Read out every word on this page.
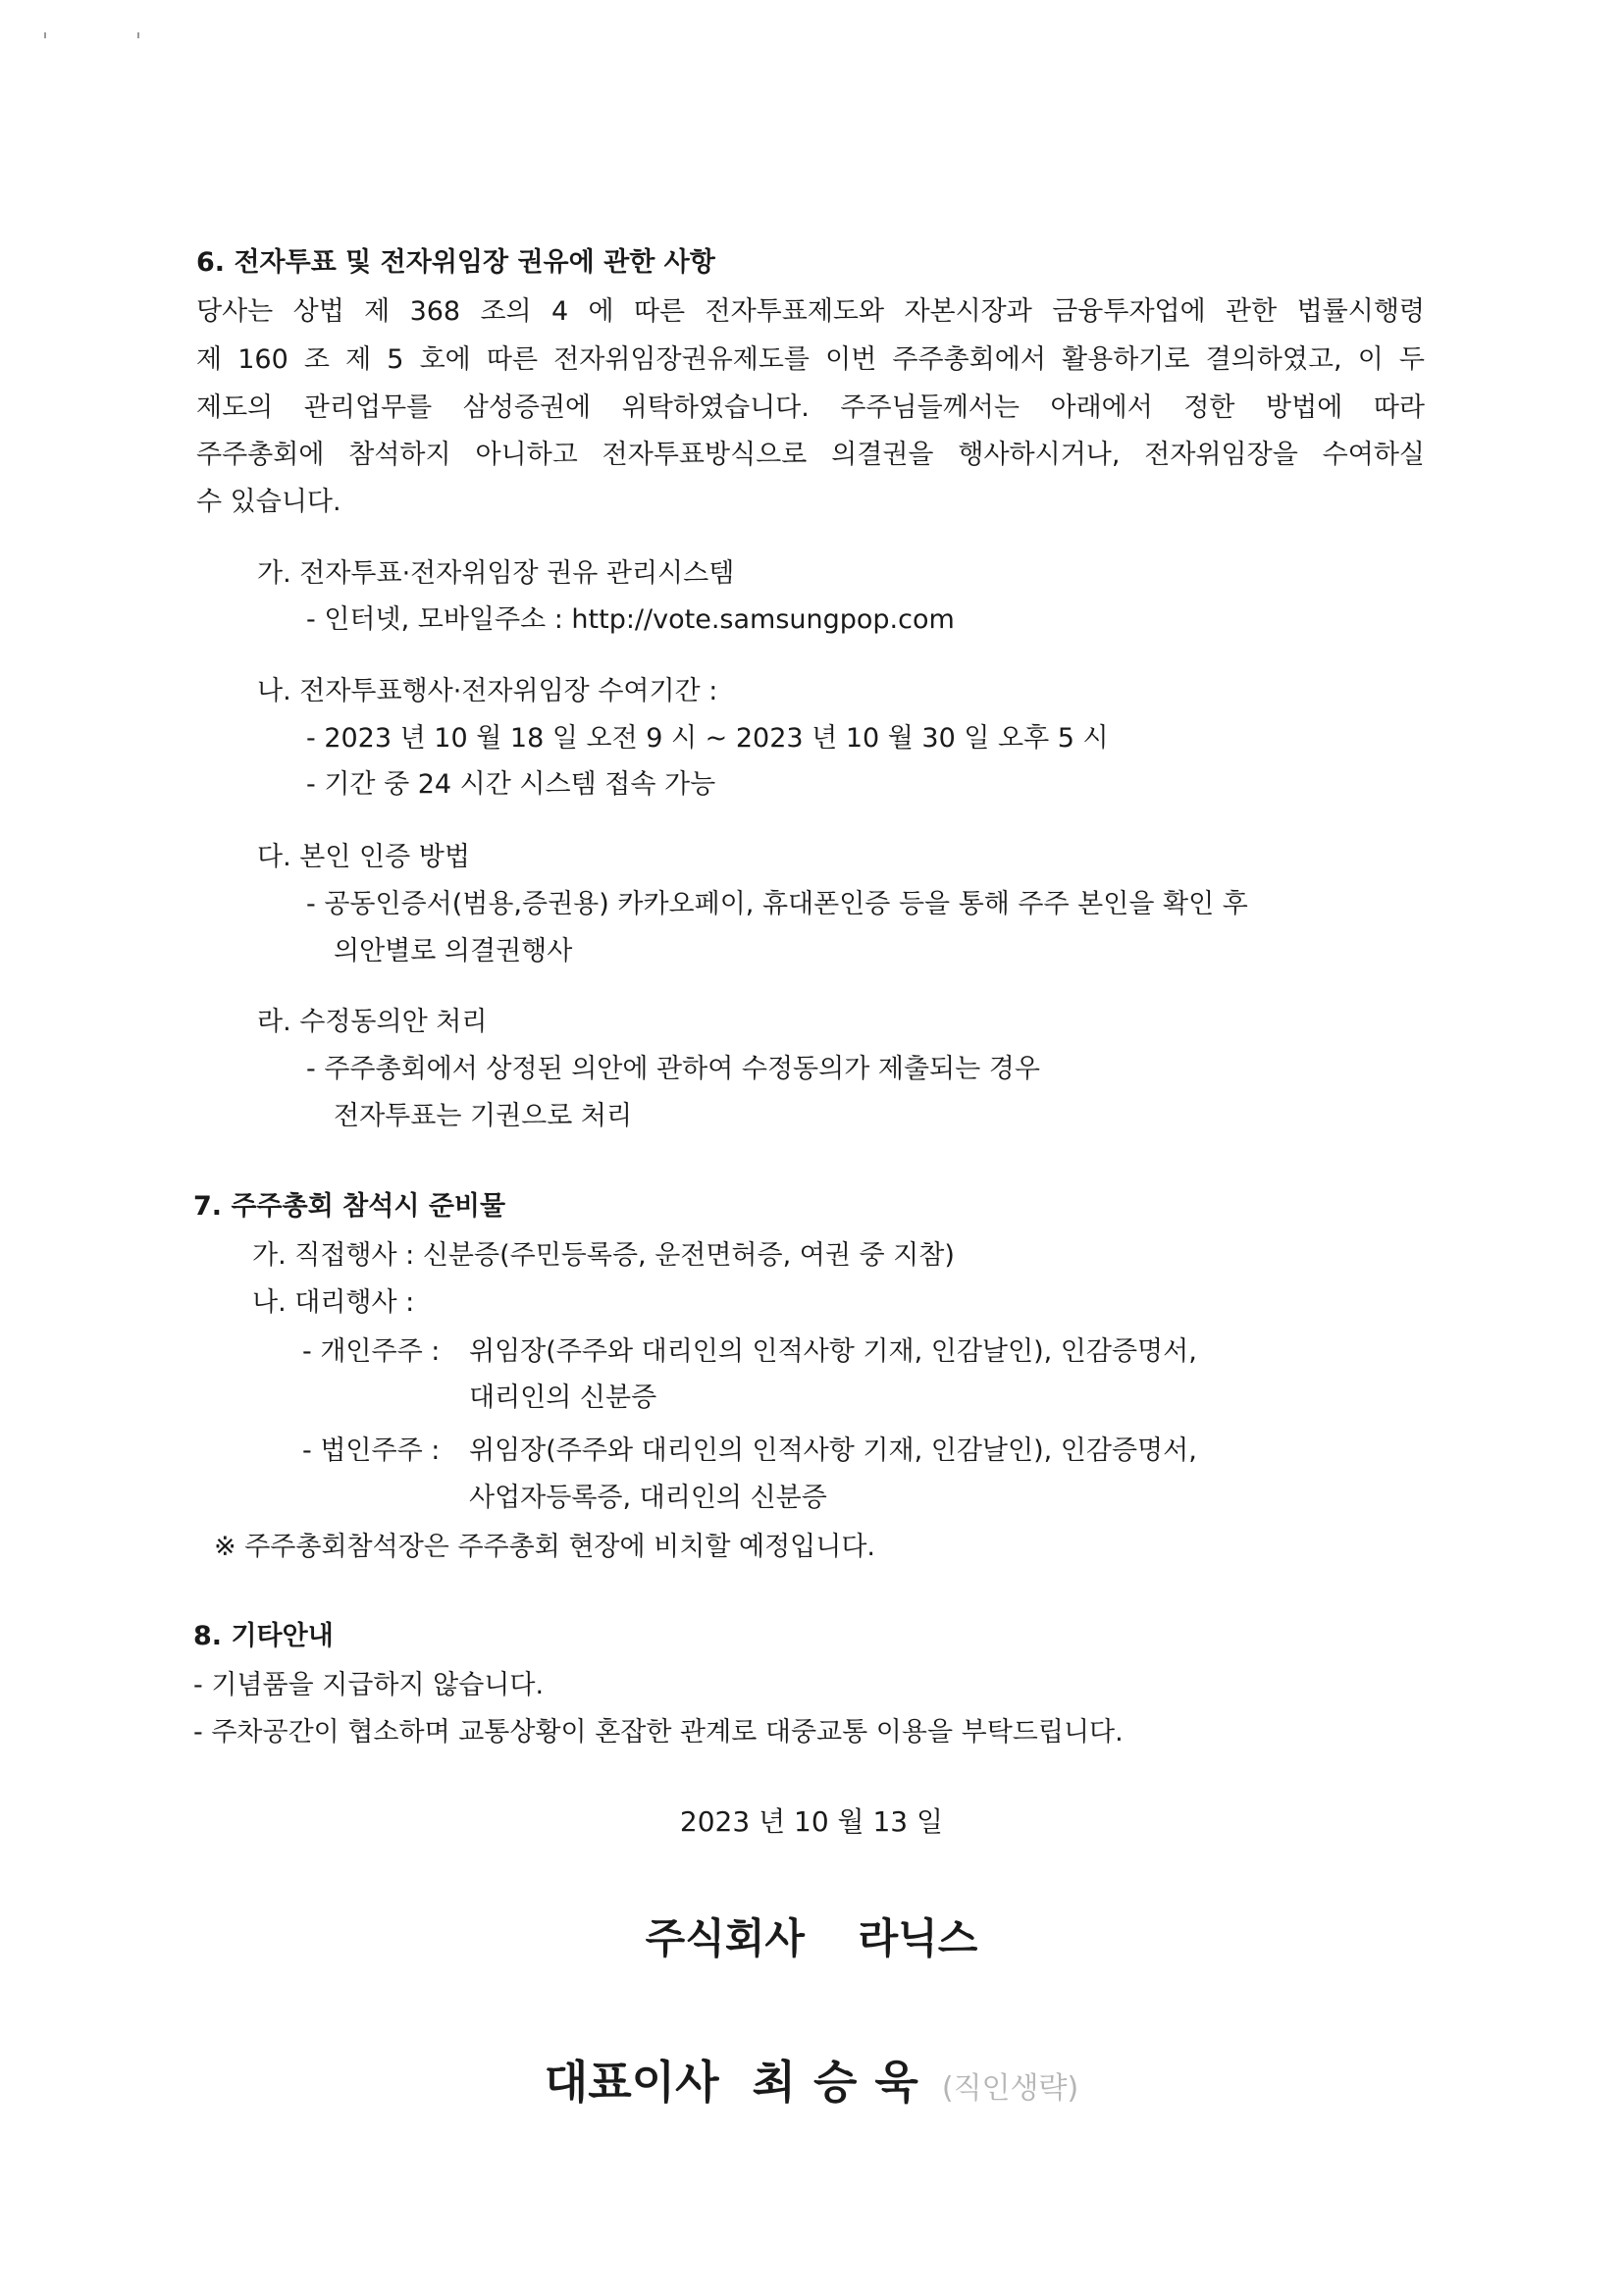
6. 전자투표 및 전자위임장 권유에 관한 사항
당사는 상법 제 368 조의 4 에 따른 전자투표제도와 자본시장과 금융투자업에 관한 법률시행령
제 160 조 제 5 호에 따른 전자위임장권유제도를 이번 주주총회에서 활용하기로 결의하였고, 이 두
제도의 관리업무를 삼성증권에 위탁하였습니다. 주주님들께서는 아래에서 정한 방법에 따라
주주총회에 참석하지 아니하고 전자투표방식으로 의결권을 행사하시거나, 전자위임장을 수여하실
수 있습니다.
가. 전자투표·전자위임장 권유 관리시스템
- 인터넷, 모바일주소 : http://vote.samsungpop.com
나. 전자투표행사·전자위임장 수여기간 :
- 2023 년 10 월 18 일 오전 9 시 ~ 2023 년 10 월 30 일 오후 5 시
- 기간 중 24 시간 시스템 접속 가능
다. 본인 인증 방법
- 공동인증서(범용,증권용) 카카오페이, 휴대폰인증 등을 통해 주주 본인을 확인 후
의안별로 의결권행사
라. 수정동의안 처리
- 주주총회에서 상정된 의안에 관하여 수정동의가 제출되는 경우
전자투표는 기권으로 처리
7. 주주총회 참석시 준비물
가. 직접행사 : 신분증(주민등록증, 운전면허증, 여권 중 지참)
나. 대리행사 :
- 개인주주 : 위임장(주주와 대리인의 인적사항 기재, 인감날인), 인감증명서,
대리인의 신분증
- 법인주주 : 위임장(주주와 대리인의 인적사항 기재, 인감날인), 인감증명서,
사업자등록증, 대리인의 신분증
※ 주주총회참석장은 주주총회 현장에 비치할 예정입니다.
8. 기타안내
- 기념품을 지급하지 않습니다.
- 주차공간이 협소하며 교통상황이 혼잡한 관계로 대중교통 이용을 부탁드립니다.
2023 년 10 월 13 일
주식회사 라닉스
대표이사 최승욱 (직인생략)
